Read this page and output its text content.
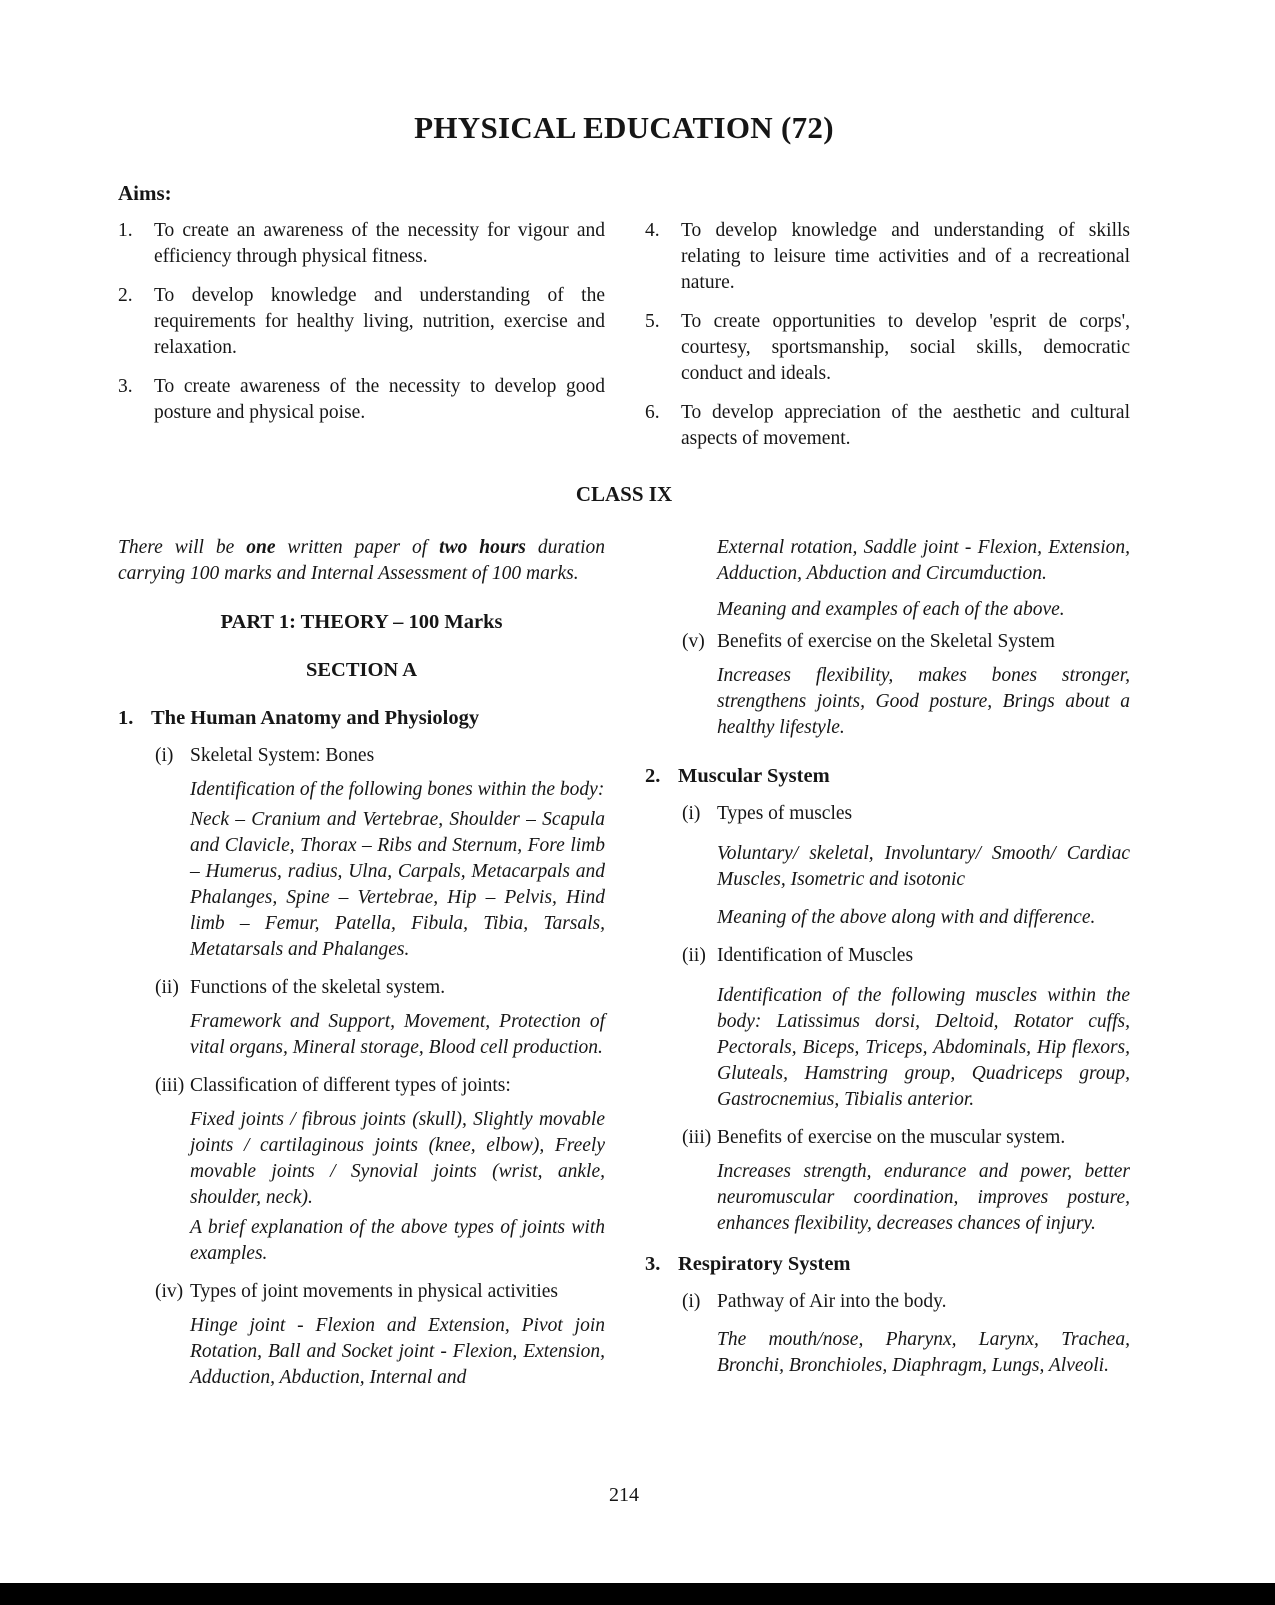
PHYSICAL EDUCATION (72)
Aims:
1. To create an awareness of the necessity for vigour and efficiency through physical fitness.

2. To develop knowledge and understanding of the requirements for healthy living, nutrition, exercise and relaxation.

3. To create awareness of the necessity to develop good posture and physical poise.

4. To develop knowledge and understanding of skills relating to leisure time activities and of a recreational nature.

5. To create opportunities to develop 'esprit de corps', courtesy, sportsmanship, social skills, democratic conduct and ideals.

6. To develop appreciation of the aesthetic and cultural aspects of movement.

CLASS IX

There will be one written paper of two hours duration carrying 100 marks and Internal Assessment of 100 marks.

PART 1: THEORY – 100 Marks
SECTION A
1. The Human Anatomy and Physiology
(i) Skeletal System: Bones

Identification of the following bones within the body:

Neck – Cranium and Vertebrae, Shoulder – Scapula and Clavicle, Thorax – Ribs and Sternum, Fore limb – Humerus, radius, Ulna, Carpals, Metacarpals and Phalanges, Spine – Vertebrae, Hip – Pelvis, Hind limb – Femur, Patella, Fibula, Tibia, Tarsals, Metatarsals and Phalanges.

(ii) Functions of the skeletal system.

Framework and Support, Movement, Protection of vital organs, Mineral storage, Blood cell production.

(iii) Classification of different types of joints:

Fixed joints / fibrous joints (skull), Slightly movable joints / cartilaginous joints (knee, elbow), Freely movable joints / Synovial joints (wrist, ankle, shoulder, neck).

A brief explanation of the above types of joints with examples.

(iv) Types of joint movements in physical activities

Hinge joint - Flexion and Extension, Pivot join Rotation, Ball and Socket joint - Flexion, Extension, Adduction, Abduction, Internal and

External rotation, Saddle joint - Flexion, Extension, Adduction, Abduction and Circumduction.

Meaning and examples of each of the above.

(v) Benefits of exercise on the Skeletal System

Increases flexibility, makes bones stronger, strengthens joints, Good posture, Brings about a healthy lifestyle.

2. Muscular System
(i) Types of muscles

Voluntary/ skeletal, Involuntary/ Smooth/ Cardiac Muscles, Isometric and isotonic

Meaning of the above along with and difference.

(ii) Identification of Muscles

Identification of the following muscles within the body: Latissimus dorsi, Deltoid, Rotator cuffs, Pectorals, Biceps, Triceps, Abdominals, Hip flexors, Gluteals, Hamstring group, Quadriceps group, Gastrocnemius, Tibialis anterior.

(iii) Benefits of exercise on the muscular system.

Increases strength, endurance and power, better neuromuscular coordination, improves posture, enhances flexibility, decreases chances of injury.

3. Respiratory System
(i) Pathway of Air into the body.

The mouth/nose, Pharynx, Larynx, Trachea, Bronchi, Bronchioles, Diaphragm, Lungs, Alveoli.

214
